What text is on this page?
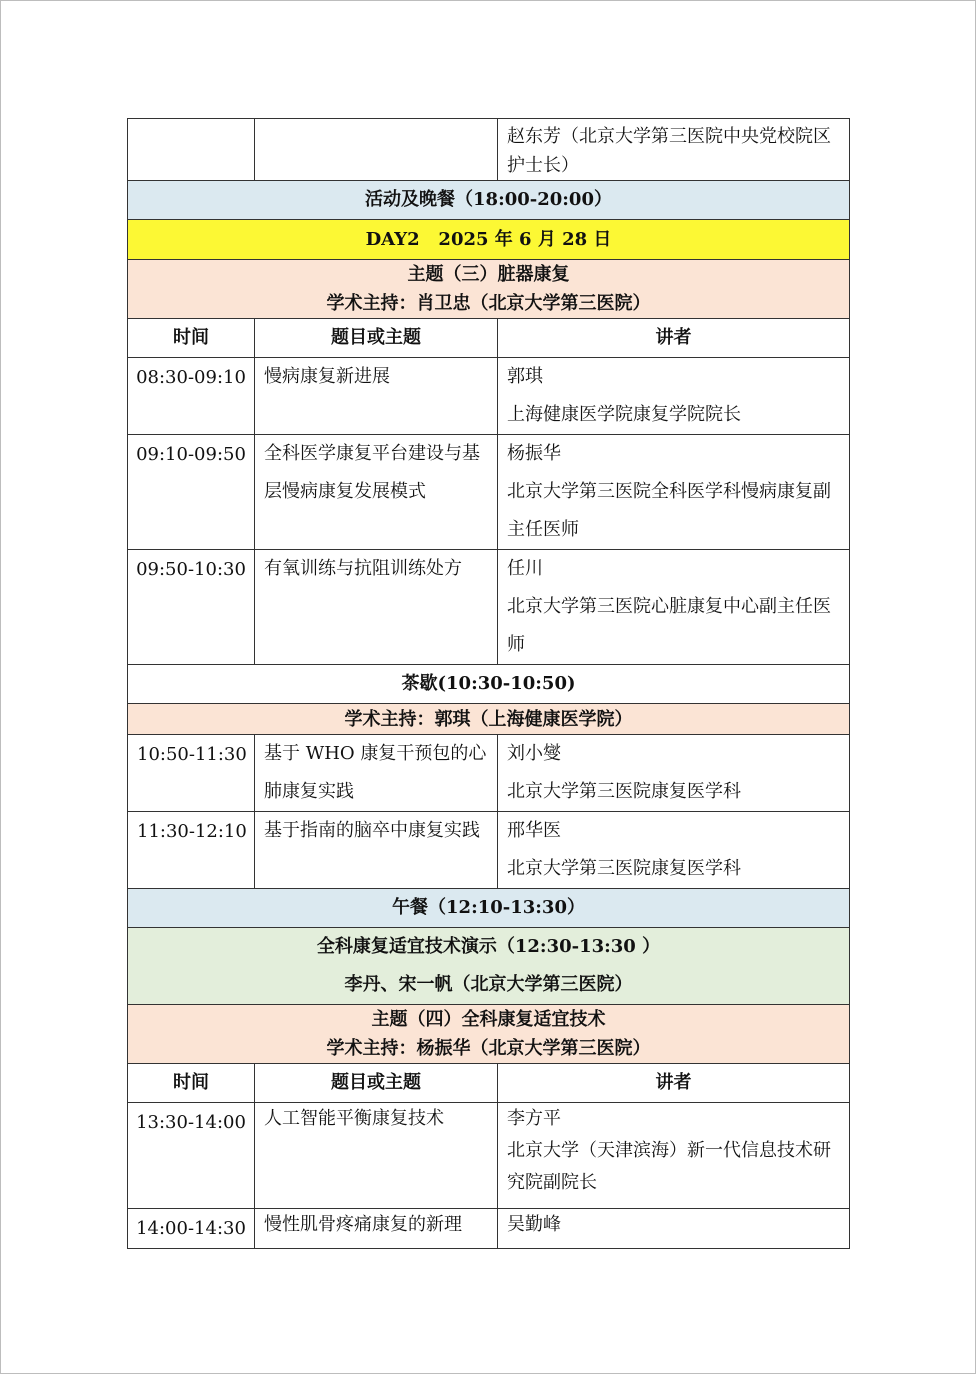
		赵东芳（北京大学第三医院中央党校院区护士长）
活动及晚餐（18:00-20:00）		
DAY2   2025 年 6 月 28 日		

主题（三）脏器康复
学术主持：肖卫忠（北京大学第三医院）		

时间	题目或主题	讲者
08:30-09:10	慢病康复新进展	郭琪
上海健康医学院康复学院院长

09:10-09:50	全科医学康复平台建设与基层慢病康复发展模式	杨振华
北京大学第三医院全科医学科慢病康复副主任医师

09:50-10:30	有氧训练与抗阻训练处方	任川
北京大学第三医院心脏康复中心副主任医师

茶歇(10:30-10:50)		
学术主持：郭琪（上海健康医学院）		
10:50-11:30	基于 WHO 康复干预包的心肺康复实践	刘小燮
北京大学第三医院康复医学科

11:30-12:10	基于指南的脑卒中康复实践	邢华医
北京大学第三医院康复医学科

午餐（12:10-13:30）		

全科康复适宜技术演示（12:30-13:30 ）
李丹、宋一帆（北京大学第三医院）		

主题（四）全科康复适宜技术
学术主持：杨振华（北京大学第三医院）		

时间	题目或主题	讲者
13:30-14:00	人工智能平衡康复技术	李方平
北京大学（天津滨海）新一代信息技术研究院副院长

14:00-14:30	慢性肌骨疼痛康复的新理	吴勤峰
